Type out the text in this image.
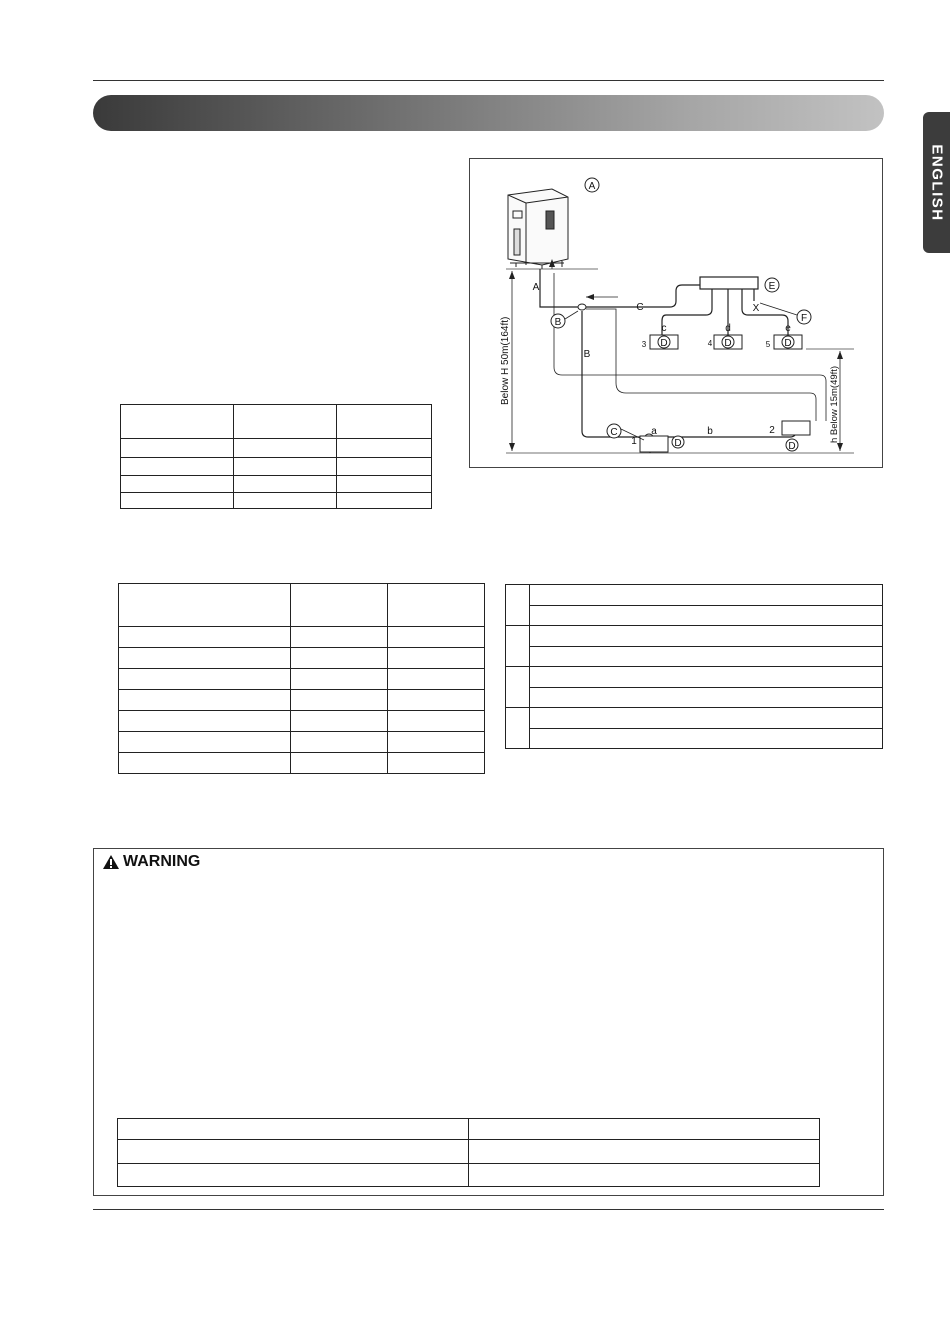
ENGLISH
A
E
F
B
C
D	D	D
D	D
A
B
C
a	b
c	d	e
X
1
2
3	4	5
Below H 50m(164ft)	h Below 15m(49ft)

WARNING
